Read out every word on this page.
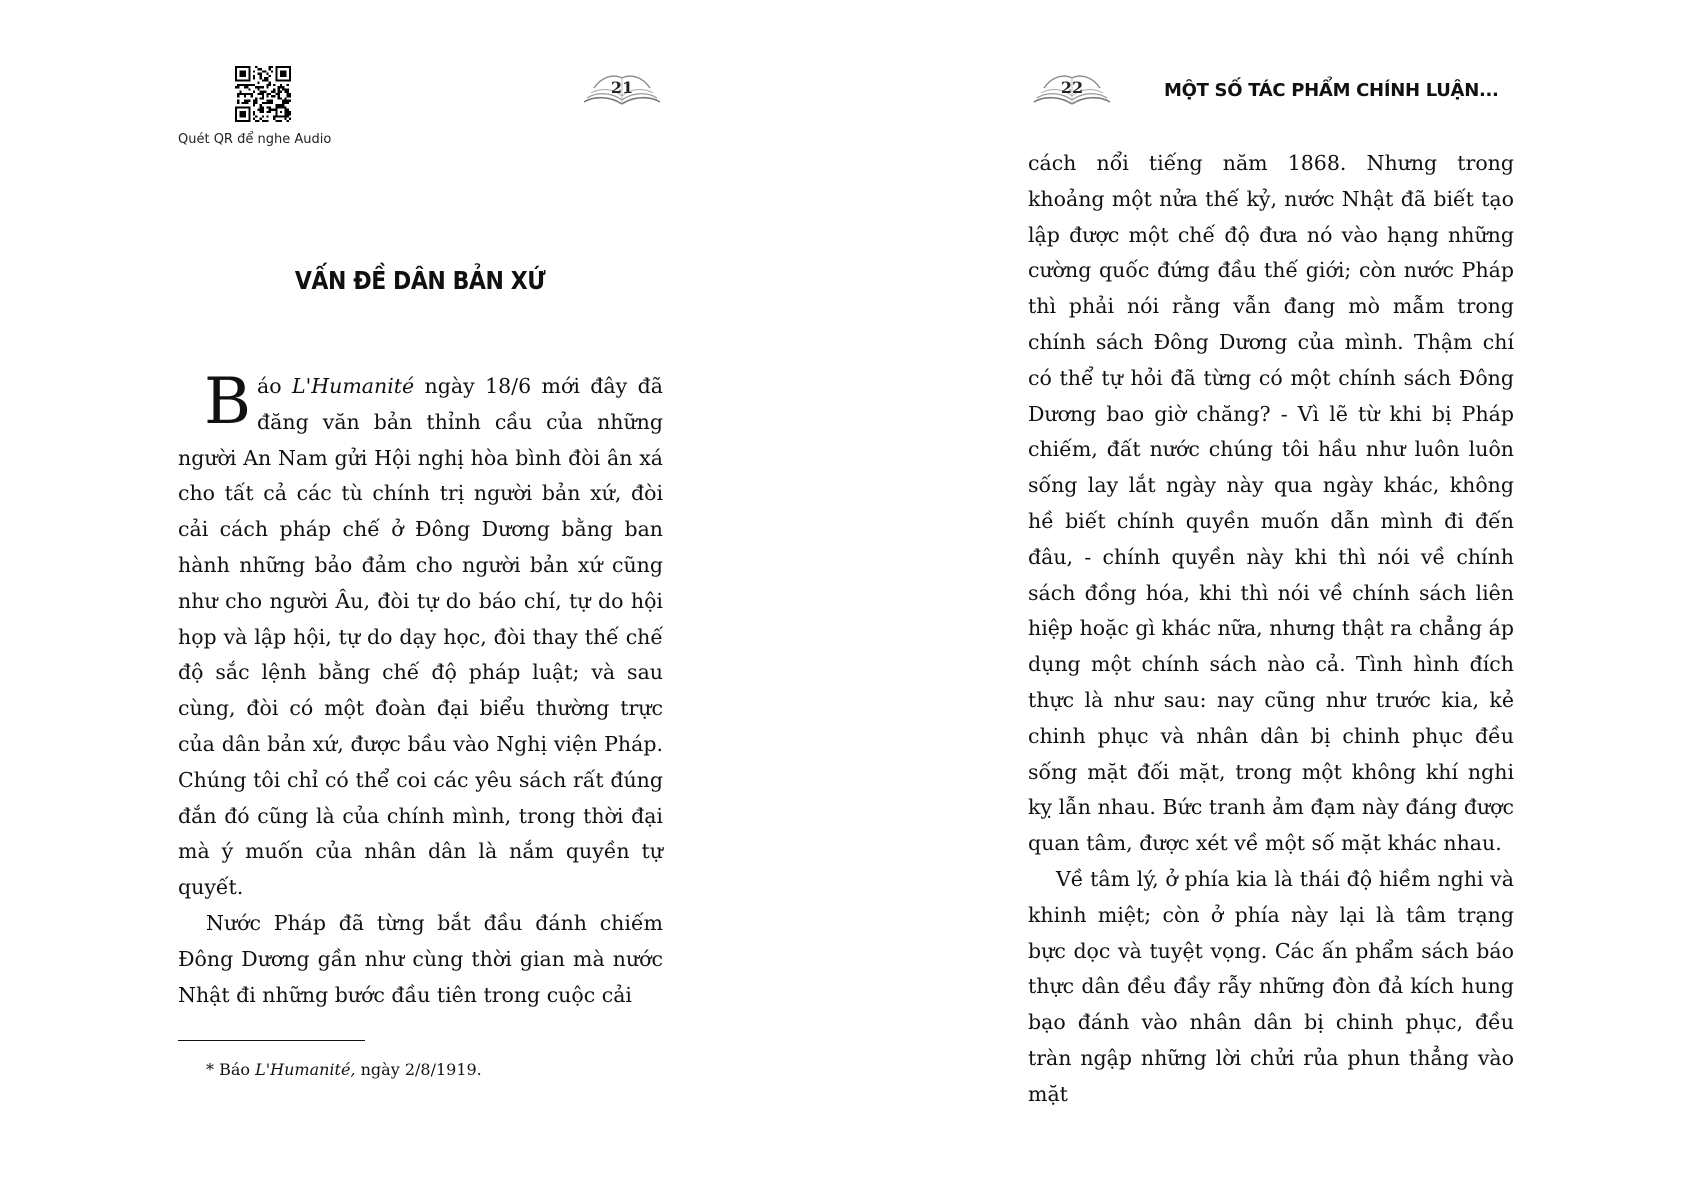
Quét QR để nghe Audio
21
VẤN ĐỀ DÂN BẢN XỨ

Báo L'Humanité ngày 18/6 mới đây đã đăng văn bản thỉnh cầu của những người An Nam gửi Hội nghị hòa bình đòi ân xá cho tất cả các tù chính trị người bản xứ, đòi cải cách pháp chế ở Đông Dương bằng ban hành những bảo đảm cho người bản xứ cũng như cho người Âu, đòi tự do báo chí, tự do hội họp và lập hội, tự do dạy học, đòi thay thế chế độ sắc lệnh bằng chế độ pháp luật; và sau cùng, đòi có một đoàn đại biểu thường trực của dân bản xứ, được bầu vào Nghị viện Pháp. Chúng tôi chỉ có thể coi các yêu sách rất đúng đắn đó cũng là của chính mình, trong thời đại mà ý muốn của nhân dân là nắm quyền tự quyết.

Nước Pháp đã từng bắt đầu đánh chiếm Đông Dương gần như cùng thời gian mà nước Nhật đi những bước đầu tiên trong cuộc cải

* Báo L'Humanité, ngày 2/8/1919.
22	MỘT SỐ TÁC PHẨM CHÍNH LUẬN...

cách nổi tiếng năm 1868. Nhưng trong khoảng một nửa thế kỷ, nước Nhật đã biết tạo lập được một chế độ đưa nó vào hạng những cường quốc đứng đầu thế giới; còn nước Pháp thì phải nói rằng vẫn đang mò mẫm trong chính sách Đông Dương của mình. Thậm chí có thể tự hỏi đã từng có một chính sách Đông Dương bao giờ chăng? - Vì lẽ từ khi bị Pháp chiếm, đất nước chúng tôi hầu như luôn luôn sống lay lắt ngày này qua ngày khác, không hề biết chính quyền muốn dẫn mình đi đến đâu, - chính quyền này khi thì nói về chính sách đồng hóa, khi thì nói về chính sách liên hiệp hoặc gì khác nữa, nhưng thật ra chẳng áp dụng một chính sách nào cả. Tình hình đích thực là như sau: nay cũng như trước kia, kẻ chinh phục và nhân dân bị chinh phục đều sống mặt đối mặt, trong một không khí nghi kỵ lẫn nhau. Bức tranh ảm đạm này đáng được quan tâm, được xét về một số mặt khác nhau.

Về tâm lý, ở phía kia là thái độ hiềm nghi và khinh miệt; còn ở phía này lại là tâm trạng bực dọc và tuyệt vọng. Các ấn phẩm sách báo thực dân đều đầy rẫy những đòn đả kích hung bạo đánh vào nhân dân bị chinh phục, đều tràn ngập những lời chửi rủa phun thẳng vào mặt
